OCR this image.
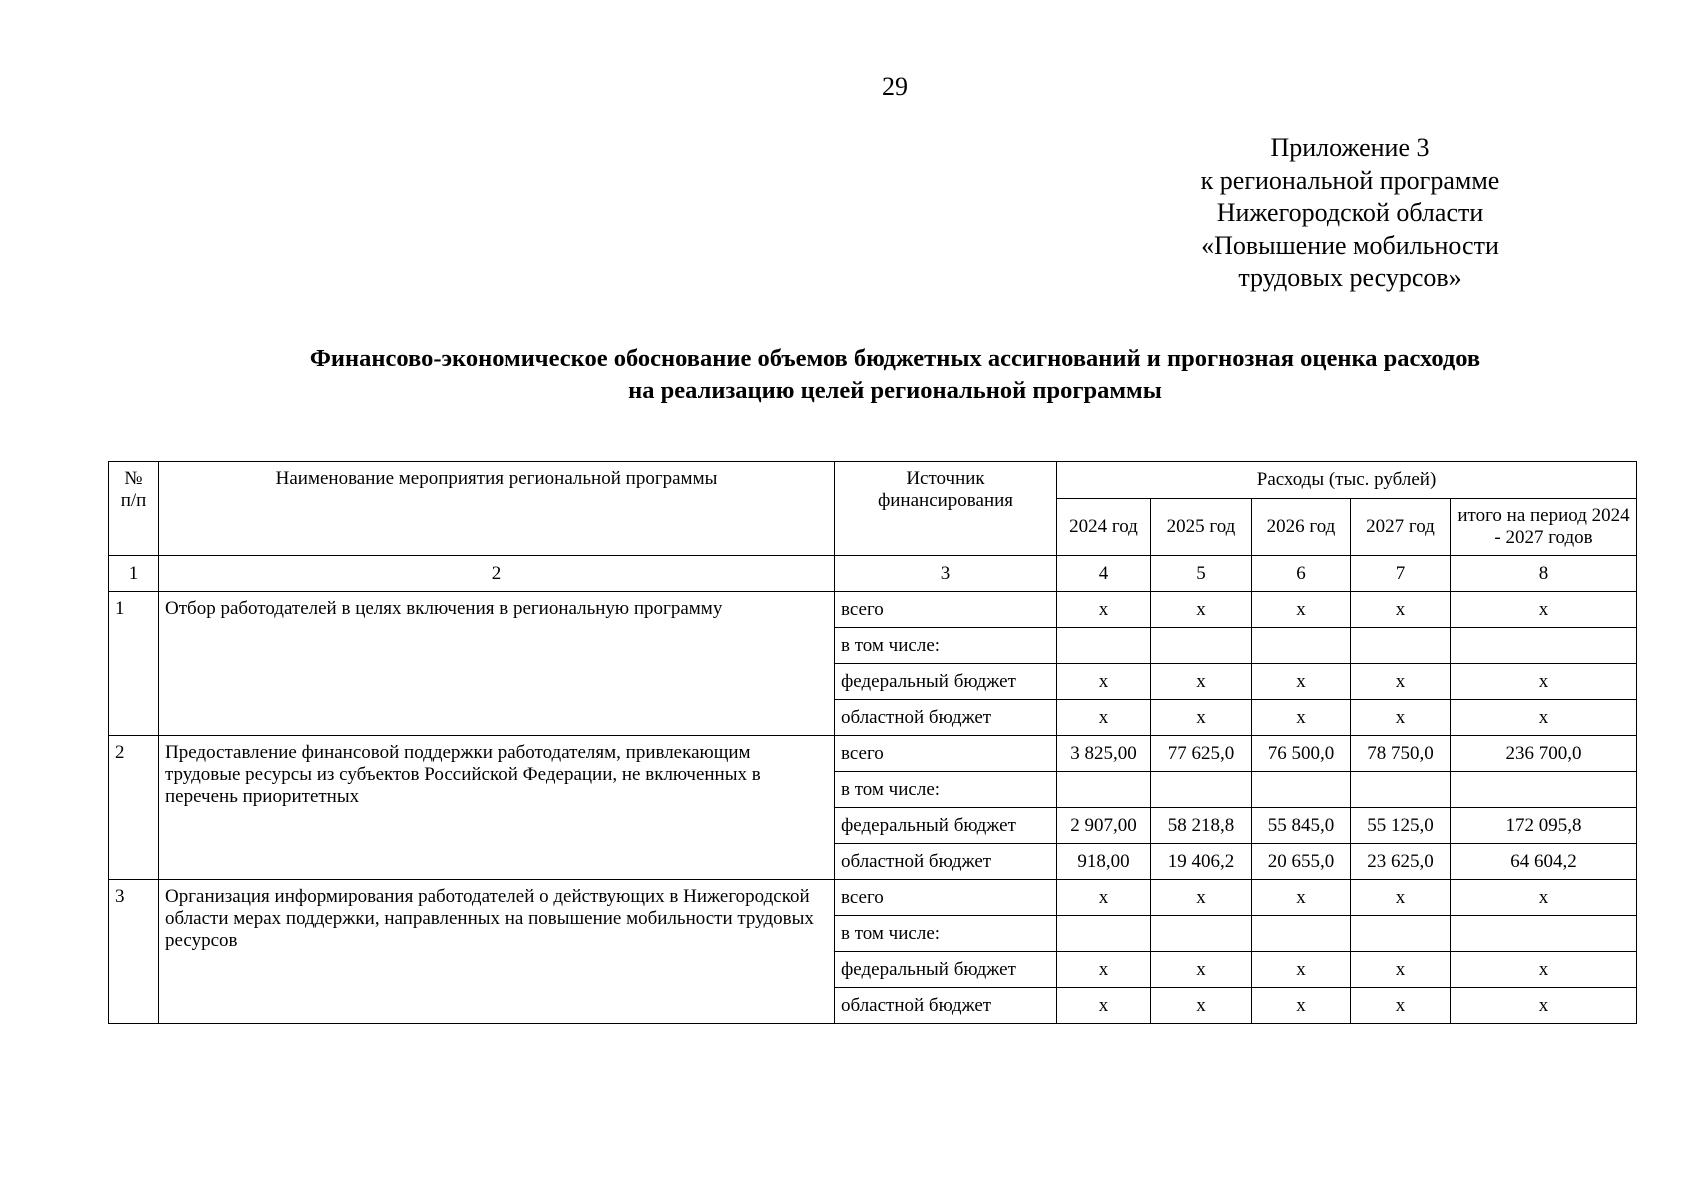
29
Приложение 3
к региональной программе
Нижегородской области
«Повышение мобильности
трудовых ресурсов»
Финансово-экономическое обоснование объемов бюджетных ассигнований и прогнозная оценка расходов
на реализацию целей региональной программы
№ п/п	Наименование мероприятия региональной программы	Источник финансирования	Расходы (тыс. рублей)				
			2024 год	2025 год	2026 год	2027 год	итого на период 2024 - 2027 годов
1	2	3	4	5	6	7	8
1	Отбор работодателей в целях включения в региональную программу	всего	x	x	x	x	x
		в том числе:					
		федеральный бюджет	x	x	x	x	x
		областной бюджет	x	x	x	x	x
2	Предоставление финансовой поддержки работодателям, привлекающим трудовые ресурсы из субъектов Российской Федерации, не включенных в перечень приоритетных	всего	3 825,00	77 625,0	76 500,0	78 750,0	236 700,0
		в том числе:					
		федеральный бюджет	2 907,00	58 218,8	55 845,0	55 125,0	172 095,8
		областной бюджет	918,00	19 406,2	20 655,0	23 625,0	64 604,2
3	Организация информирования работодателей о действующих в Нижегородской области мерах поддержки, направленных на повышение мобильности трудовых ресурсов	всего	x	x	x	x	x
		в том числе:					
		федеральный бюджет	x	x	x	x	x
		областной бюджет	x	x	x	x	x
